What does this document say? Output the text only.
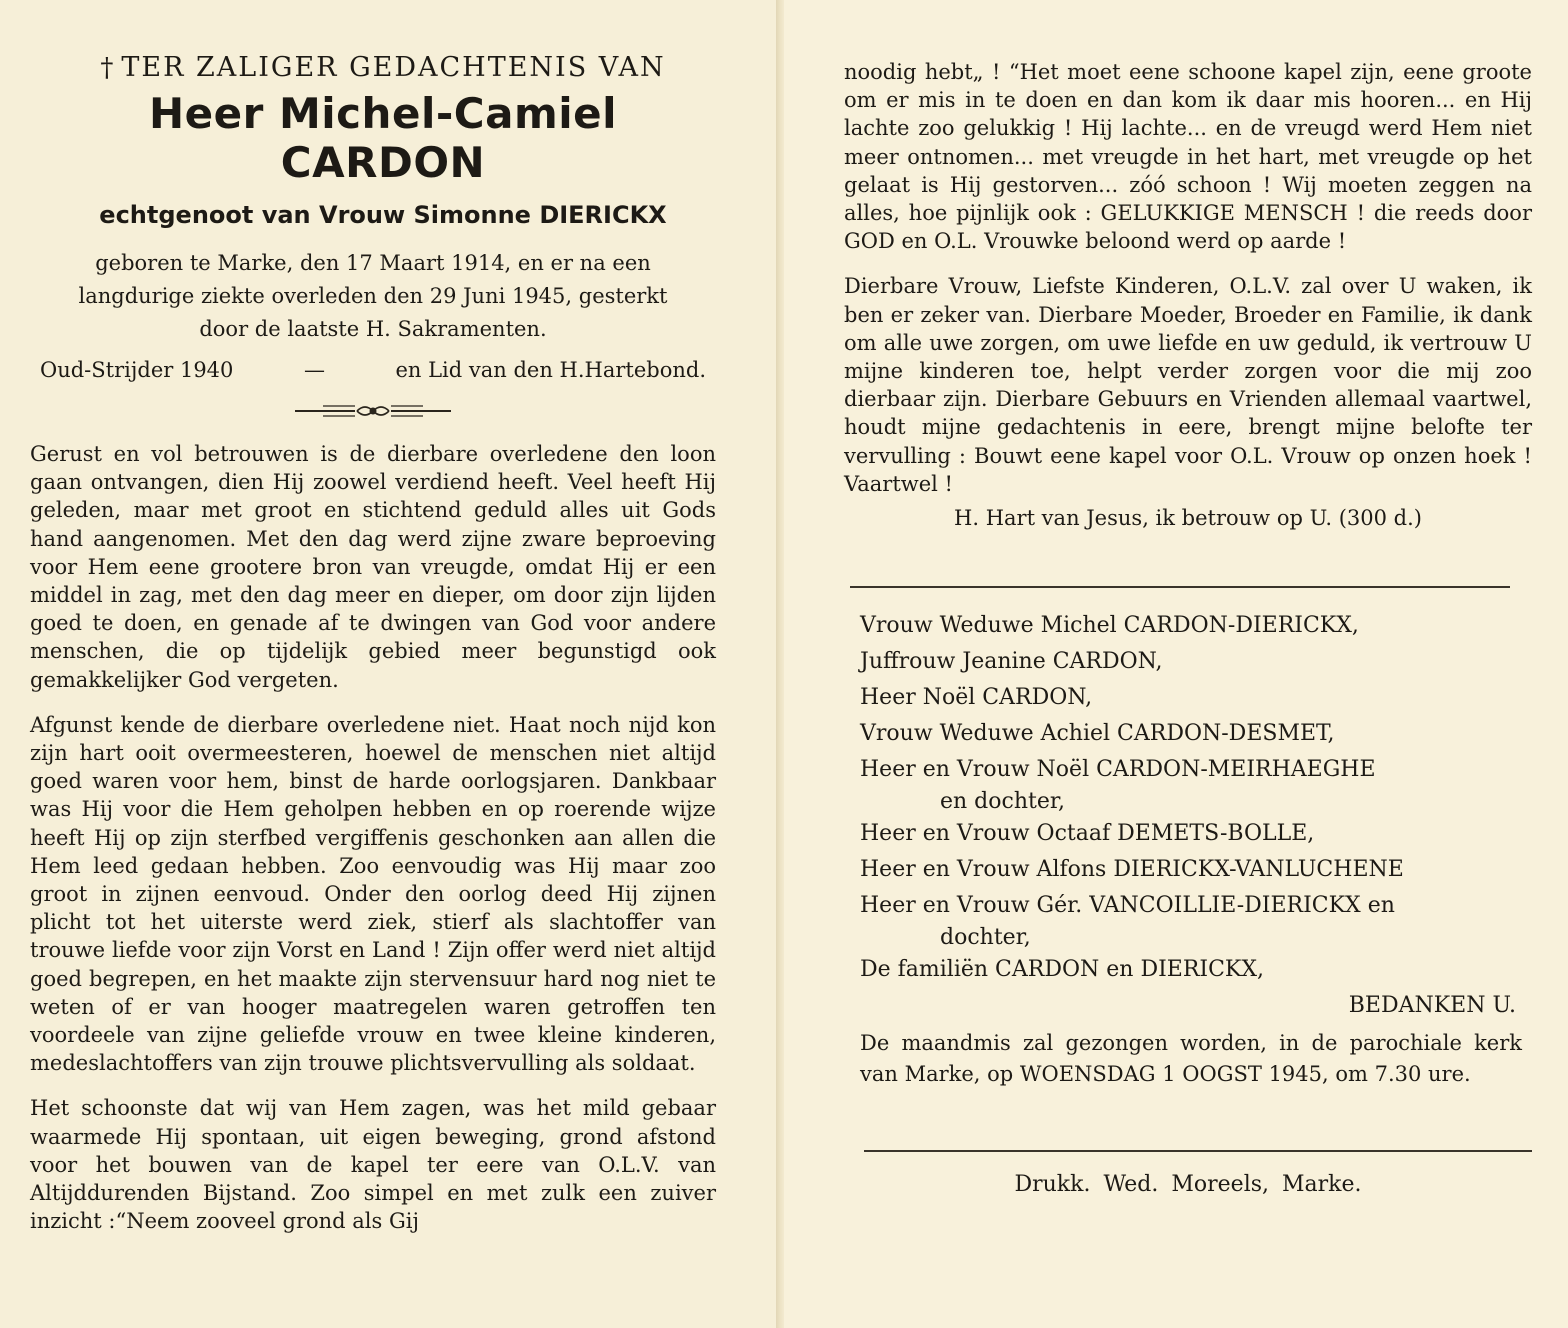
† TER ZALIGER GEDACHTENIS VAN
Heer Michel-Camiel CARDON
echtgenoot van Vrouw Simonne DIERICKX
geboren te Marke, den 17 Maart 1914, en er na een
langdurige ziekte overleden den 29 Juni 1945, gesterkt
door de laatste H. Sakramenten.
Oud-Strijder 1940	—	en Lid van den H.Hartebond.

Gerust en vol betrouwen is de dierbare overledene den loon gaan ontvangen, dien Hij zoowel verdiend heeft. Veel heeft Hij geleden, maar met groot en stichtend geduld alles uit Gods hand aangenomen. Met den dag werd zijne zware beproeving voor Hem eene grootere bron van vreugde, omdat Hij er een middel in zag, met den dag meer en dieper, om door zijn lijden goed te doen, en genade af te dwingen van God voor andere menschen, die op tijdelijk gebied meer begunstigd ook gemakkelijker God vergeten.

Afgunst kende de dierbare overledene niet. Haat noch nijd kon zijn hart ooit overmeesteren, hoewel de menschen niet altijd goed waren voor hem, binst de harde oorlogsjaren. Dankbaar was Hij voor die Hem geholpen hebben en op roerende wijze heeft Hij op zijn sterfbed vergiffenis geschonken aan allen die Hem leed gedaan hebben. Zoo eenvoudig was Hij maar zoo groot in zijnen eenvoud. Onder den oorlog deed Hij zijnen plicht tot het uiterste werd ziek, stierf als slachtoffer van trouwe liefde voor zijn Vorst en Land ! Zijn offer werd niet altijd goed begrepen, en het maakte zijn stervensuur hard nog niet te weten of er van hooger maatregelen waren getroffen ten voordeele van zijne geliefde vrouw en twee kleine kinderen, medeslachtoffers van zijn trouwe plichtsvervulling als soldaat.

Het schoonste dat wij van Hem zagen, was het mild gebaar waarmede Hij spontaan, uit eigen beweging, grond afstond voor het bouwen van de kapel ter eere van O.L.V. van Altijddurenden Bijstand. Zoo simpel en met zulk een zuiver inzicht :“Neem zooveel grond als Gij

noodig hebt„ ! “Het moet eene schoone kapel zijn, eene groote om er mis in te doen en dan kom ik daar mis hooren... en Hij lachte zoo gelukkig ! Hij lachte... en de vreugd werd Hem niet meer ontnomen... met vreugde in het hart, met vreugde op het gelaat is Hij gestorven... zóó schoon ! Wij moeten zeggen na alles, hoe pijnlijk ook : GELUKKIGE MENSCH ! die reeds door GOD en O.L. Vrouwke beloond werd op aarde !

Dierbare Vrouw, Liefste Kinderen, O.L.V. zal over U waken, ik ben er zeker van. Dierbare Moeder, Broeder en Familie, ik dank om alle uwe zorgen, om uwe liefde en uw geduld, ik vertrouw U mijne kinderen toe, helpt verder zorgen voor die mij zoo dierbaar zijn. Dierbare Gebuurs en Vrienden allemaal vaartwel, houdt mijne gedachtenis in eere, brengt mijne belofte ter vervulling : Bouwt eene kapel voor O.L. Vrouw op onzen hoek ! Vaartwel !

H. Hart van Jesus, ik betrouw op U. (300 d.)

Vrouw Weduwe Michel CARDON-DIERICKX,
Juffrouw Jeanine CARDON,
Heer Noël CARDON,
Vrouw Weduwe Achiel CARDON-DESMET,
Heer en Vrouw Noël CARDON-MEIRHAEGHE
en dochter,
Heer en Vrouw Octaaf DEMETS-BOLLE,
Heer en Vrouw Alfons DIERICKX-VANLUCHENE
Heer en Vrouw Gér. VANCOILLIE-DIERICKX en
dochter,
De familiën CARDON en DIERICKX,
BEDANKEN U.

De maandmis zal gezongen worden, in de parochiale kerk van Marke, op WOENSDAG 1 OOGST 1945, om 7.30 ure.

Drukk. Wed. Moreels, Marke.
